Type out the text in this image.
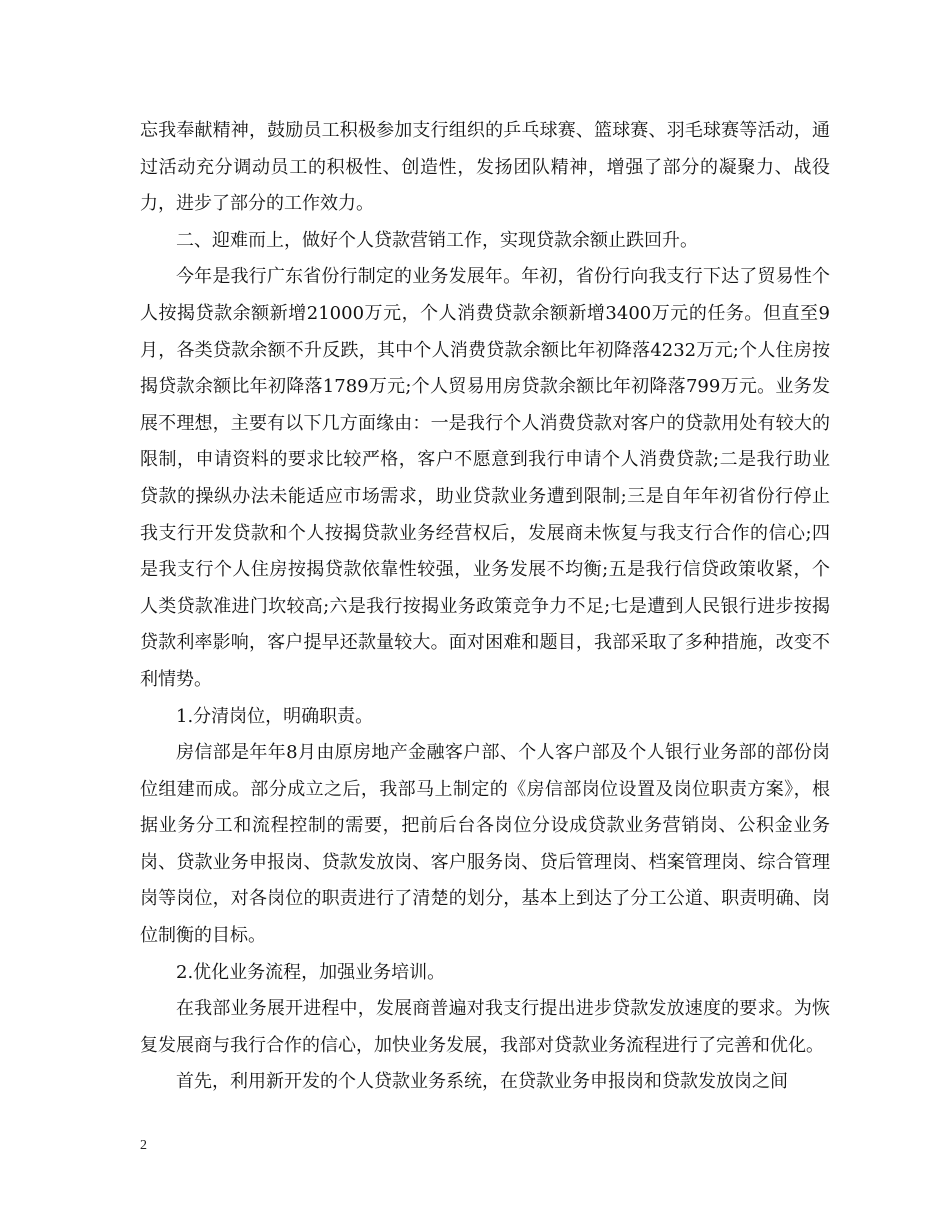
忘我奉献精神，鼓励员工积极参加支行组织的乒乓球赛、篮球赛、羽毛球赛等活动，通过活动充分调动员工的积极性、创造性，发扬团队精神，增强了部分的凝聚力、战役力，进步了部分的工作效力。

二、迎难而上，做好个人贷款营销工作，实现贷款余额止跌回升。

今年是我行广东省份行制定的业务发展年。年初，省份行向我支行下达了贸易性个人按揭贷款余额新增21000万元，个人消费贷款余额新增3400万元的任务。但直至9月，各类贷款余额不升反跌，其中个人消费贷款余额比年初降落4232万元;个人住房按揭贷款余额比年初降落1789万元;个人贸易用房贷款余额比年初降落799万元。业务发展不理想，主要有以下几方面缘由：一是我行个人消费贷款对客户的贷款用处有较大的限制，申请资料的要求比较严格，客户不愿意到我行申请个人消费贷款;二是我行助业贷款的操纵办法未能适应市场需求，助业贷款业务遭到限制;三是自年年初省份行停止我支行开发贷款和个人按揭贷款业务经营权后，发展商未恢复与我支行合作的信心;四是我支行个人住房按揭贷款依靠性较强，业务发展不均衡;五是我行信贷政策收紧，个人类贷款准进门坎较高;六是我行按揭业务政策竞争力不足;七是遭到人民银行进步按揭贷款利率影响，客户提早还款量较大。面对困难和题目，我部采取了多种措施，改变不利情势。

1.分清岗位，明确职责。

房信部是年年8月由原房地产金融客户部、个人客户部及个人银行业务部的部份岗位组建而成。部分成立之后，我部马上制定的《房信部岗位设置及岗位职责方案》，根据业务分工和流程控制的需要，把前后台各岗位分设成贷款业务营销岗、公积金业务岗、贷款业务申报岗、贷款发放岗、客户服务岗、贷后管理岗、档案管理岗、综合管理岗等岗位，对各岗位的职责进行了清楚的划分，基本上到达了分工公道、职责明确、岗位制衡的目标。

2.优化业务流程，加强业务培训。

在我部业务展开进程中，发展商普遍对我支行提出进步贷款发放速度的要求。为恢复发展商与我行合作的信心，加快业务发展，我部对贷款业务流程进行了完善和优化。

首先，利用新开发的个人贷款业务系统，在贷款业务申报岗和贷款发放岗之间

2
